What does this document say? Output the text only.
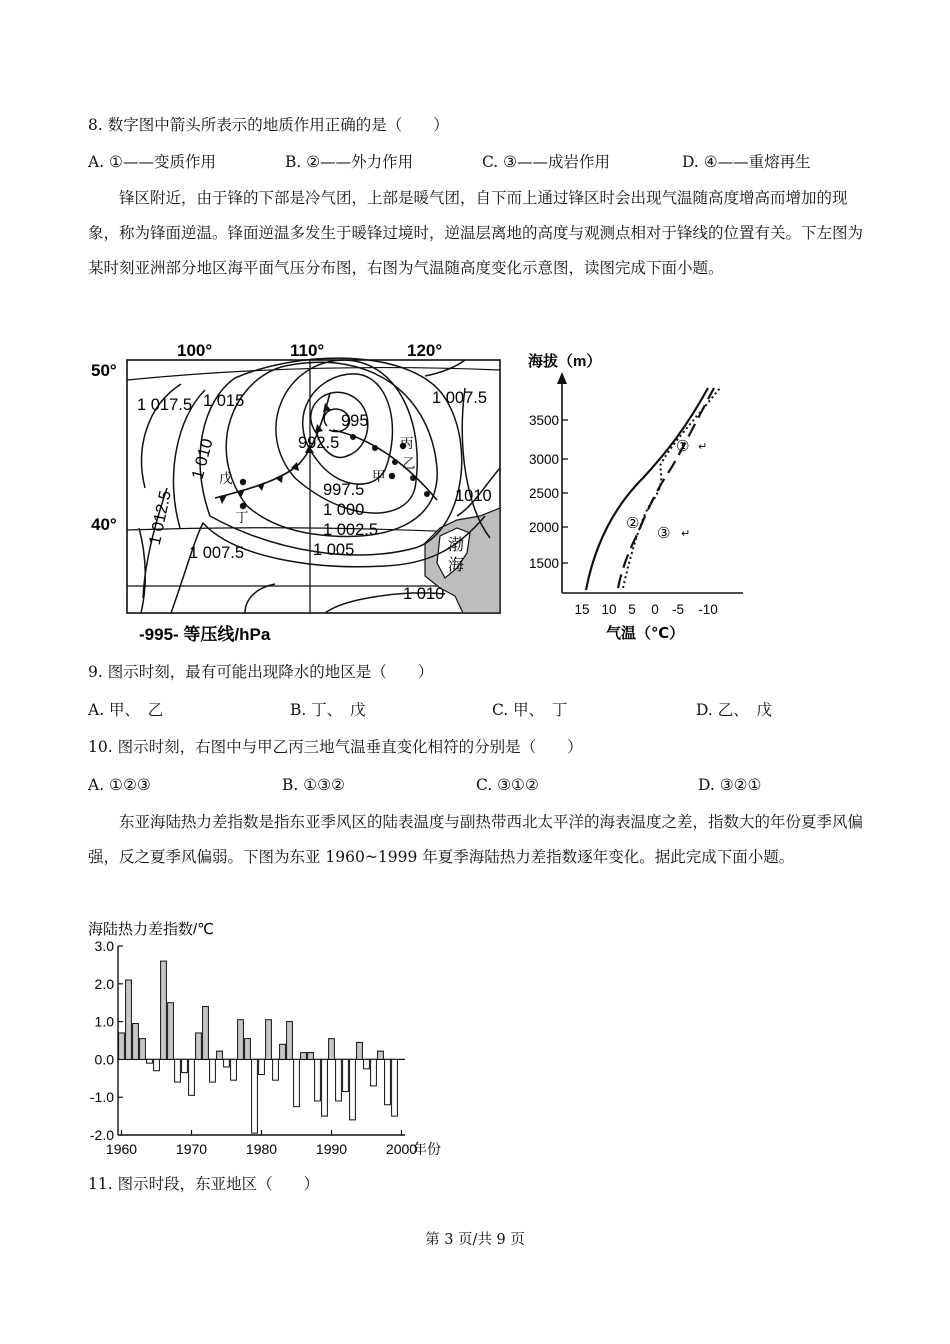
8. 数字图中箭头所表示的地质作用正确的是（　　）
A. ①——变质作用	B. ②——外力作用	C. ③——成岩作用	D. ④——重熔再生
锋区附近，由于锋的下部是冷气团，上部是暖气团，自下而上通过锋区时会出现气温随高度增高而增加的现象，称为锋面逆温。锋面逆温多发生于暖锋过境时，逆温层离地的高度与观测点相对于锋线的位置有关。下左图为某时刻亚洲部分地区海平面气压分布图，右图为气温随高度变化示意图，读图完成下面小题。
100°	110°	120°
50°
40°
1 017.5 1 015
1 010
1 012.5
1 007.5
995
992.5
997.5
1 000
1 002.5
1 005
1 007.5
1010
1 010
丙
乙
甲
戊
丁
渤
海
-995- 等压线/hPa
海拔（m）
3500
3000
2500
2000
1500
15 10 5 0 -5 -10
气温（℃）
① ↵
②
③ ↵
9. 图示时刻，最有可能出现降水的地区是（　　）
A. 甲、　乙	B. 丁、　戊	C. 甲、　丁	D. 乙、　戊
10. 图示时刻，右图中与甲乙丙三地气温垂直变化相符的分别是（　　）
A. ①②③	B. ①③②	C. ③①②	D. ③②①
东亚海陆热力差指数是指东亚季风区的陆表温度与副热带西北太平洋的海表温度之差，指数大的年份夏季风偏强，反之夏季风偏弱。下图为东亚 1960~1999 年夏季海陆热力差指数逐年变化。据此完成下面小题。
海陆热力差指数/℃
3.0
2.0
1.0
0.0
-1.0
-2.0
1960	1970	1980	1990	2000
年份
11. 图示时段，东亚地区（　　）
第 3 页/共 9 页
